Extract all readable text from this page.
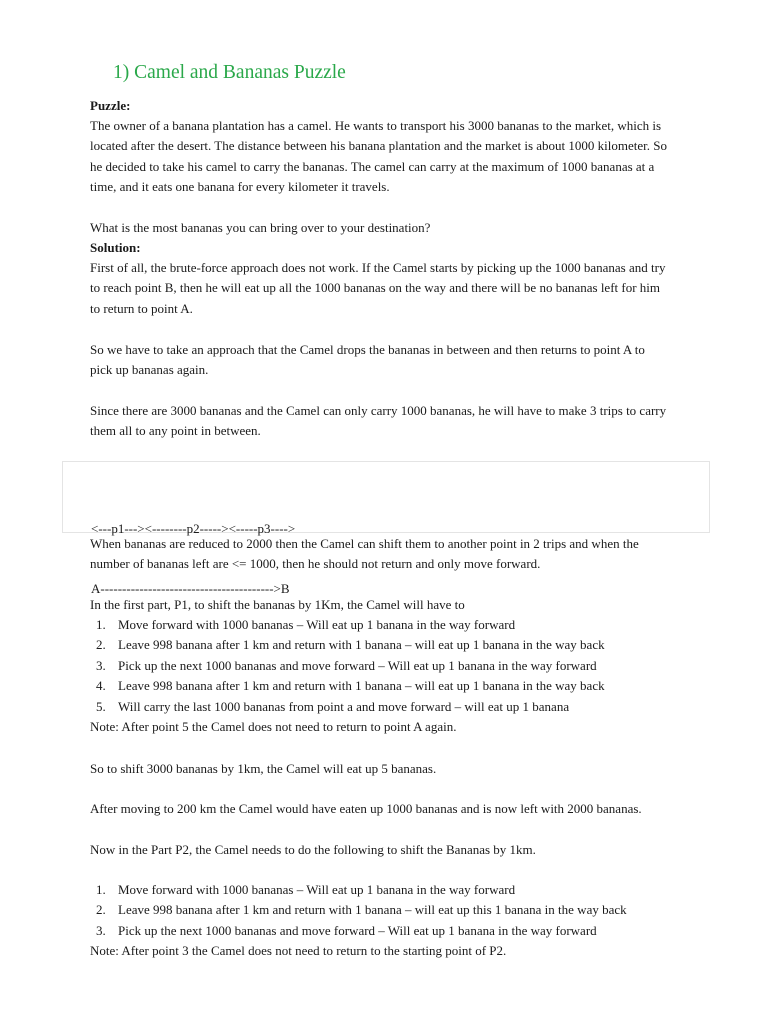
1) Camel and Bananas Puzzle
Puzzle:
The owner of a banana plantation has a camel. He wants to transport his 3000 bananas to the market, which is
located after the desert. The distance between his banana plantation and the market is about 1000 kilometer. So
he decided to take his camel to carry the bananas. The camel can carry at the maximum of 1000 bananas at a
time, and it eats one banana for every kilometer it travels.
What is the most bananas you can bring over to your destination?
Solution:
First of all, the brute-force approach does not work. If the Camel starts by picking up the 1000 bananas and try
to reach point B, then he will eat up all the 1000 bananas on the way and there will be no bananas left for him
to return to point A.
So we have to take an approach that the Camel drops the bananas in between and then returns to point A to
pick up bananas again.
Since there are 3000 bananas and the Camel can only carry 1000 bananas, he will have to make 3 trips to carry
them all to any point in between.
When bananas are reduced to 2000 then the Camel can shift them to another point in 2 trips and when the
number of bananas left are <= 1000, then he should not return and only move forward.
In the first part, P1, to shift the bananas by 1Km, the Camel will have to
1. Move forward with 1000 bananas – Will eat up 1 banana in the way forward
2. Leave 998 banana after 1 km and return with 1 banana – will eat up 1 banana in the way back
3. Pick up the next 1000 bananas and move forward – Will eat up 1 banana in the way forward
4. Leave 998 banana after 1 km and return with 1 banana – will eat up 1 banana in the way back
5. Will carry the last 1000 bananas from point a and move forward – will eat up 1 banana
Note: After point 5 the Camel does not need to return to point A again.
So to shift 3000 bananas by 1km, the Camel will eat up 5 bananas.
After moving to 200 km the Camel would have eaten up 1000 bananas and is now left with 2000 bananas.
Now in the Part P2, the Camel needs to do the following to shift the Bananas by 1km.
1. Move forward with 1000 bananas – Will eat up 1 banana in the way forward
2. Leave 998 banana after 1 km and return with 1 banana – will eat up this 1 banana in the way back
3. Pick up the next 1000 bananas and move forward – Will eat up 1 banana in the way forward
Note: After point 3 the Camel does not need to return to the starting point of P2.

<---p1---><--------p2-----><-----p3---->

A---------------------------------------->B
